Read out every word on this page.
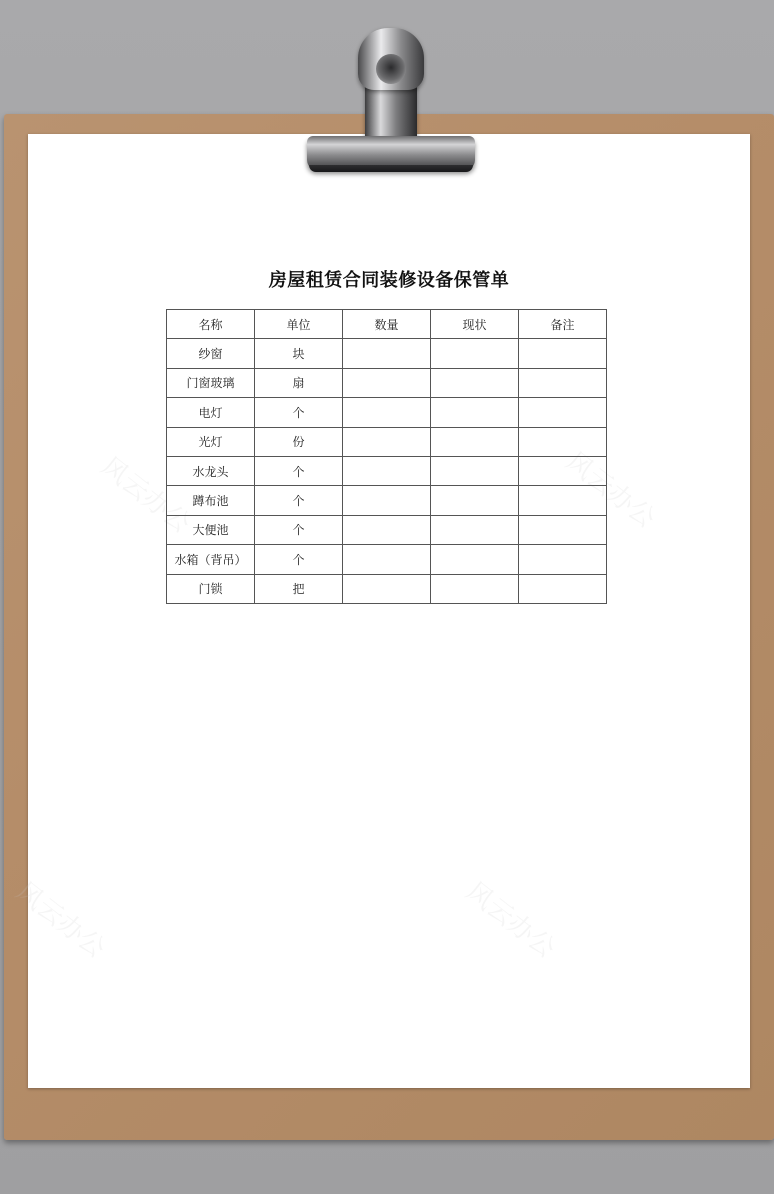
风云办公	风云办公
风云办公	风云办公
房屋租赁合同装修设备保管单
名称	单位	数量	现状	备注
纱窗	块			
门窗玻璃	扇			
电灯	个			
光灯	份			
水龙头	个			
蹲布池	个			
大便池	个			
水箱（背吊）	个			
门锁	把			
